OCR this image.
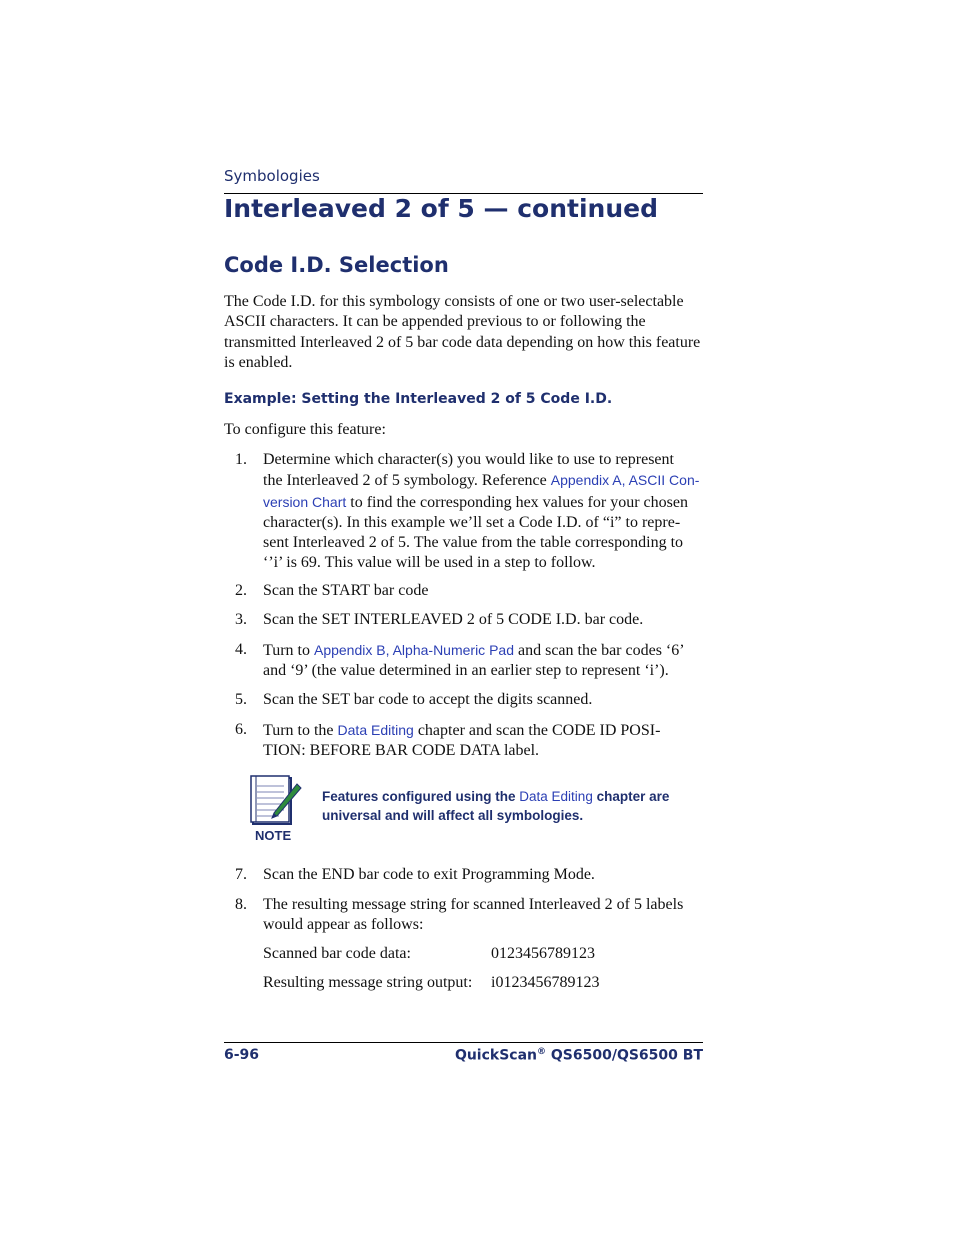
Symbologies
Interleaved 2 of 5 — continued
Code I.D. Selection

The Code I.D. for this symbology consists of one or two user-selectable ASCII characters. It can be appended previous to or following the transmitted Interleaved 2 of 5 bar code data depending on how this feature is enabled.

Example: Setting the Interleaved 2 of 5 Code I.D.

To configure this feature:

1. Determine which character(s) you would like to use to represent
the Interleaved 2 of 5 symbology. Reference Appendix A, ASCII Con-
version Chart to find the corresponding hex values for your chosen
character(s). In this example we’ll set a Code I.D. of “i” to repre-
sent Interleaved 2 of 5. The value from the table corresponding to
‘’i’ is 69. This value will be used in a step to follow.
2. Scan the START bar code
3. Scan the SET INTERLEAVED 2 of 5 CODE I.D. bar code.
4. Turn to Appendix B, Alpha-Numeric Pad and scan the bar codes ‘6’
and ‘9’ (the value determined in an earlier step to represent ‘i’).
5. Scan the SET bar code to accept the digits scanned.
6. Turn to the Data Editing chapter and scan the CODE ID POSI-
TION: BEFORE BAR CODE DATA label.
NOTE
Features configured using the Data Editing chapter are
universal and will affect all symbologies.
7. Scan the END bar code to exit Programming Mode.
8. The resulting message string for scanned Interleaved 2 of 5 labels
would appear as follows:
Scanned bar code data:	0123456789123
Resulting message string output: i0123456789123
6-96	QuickScan® QS6500/QS6500 BT
